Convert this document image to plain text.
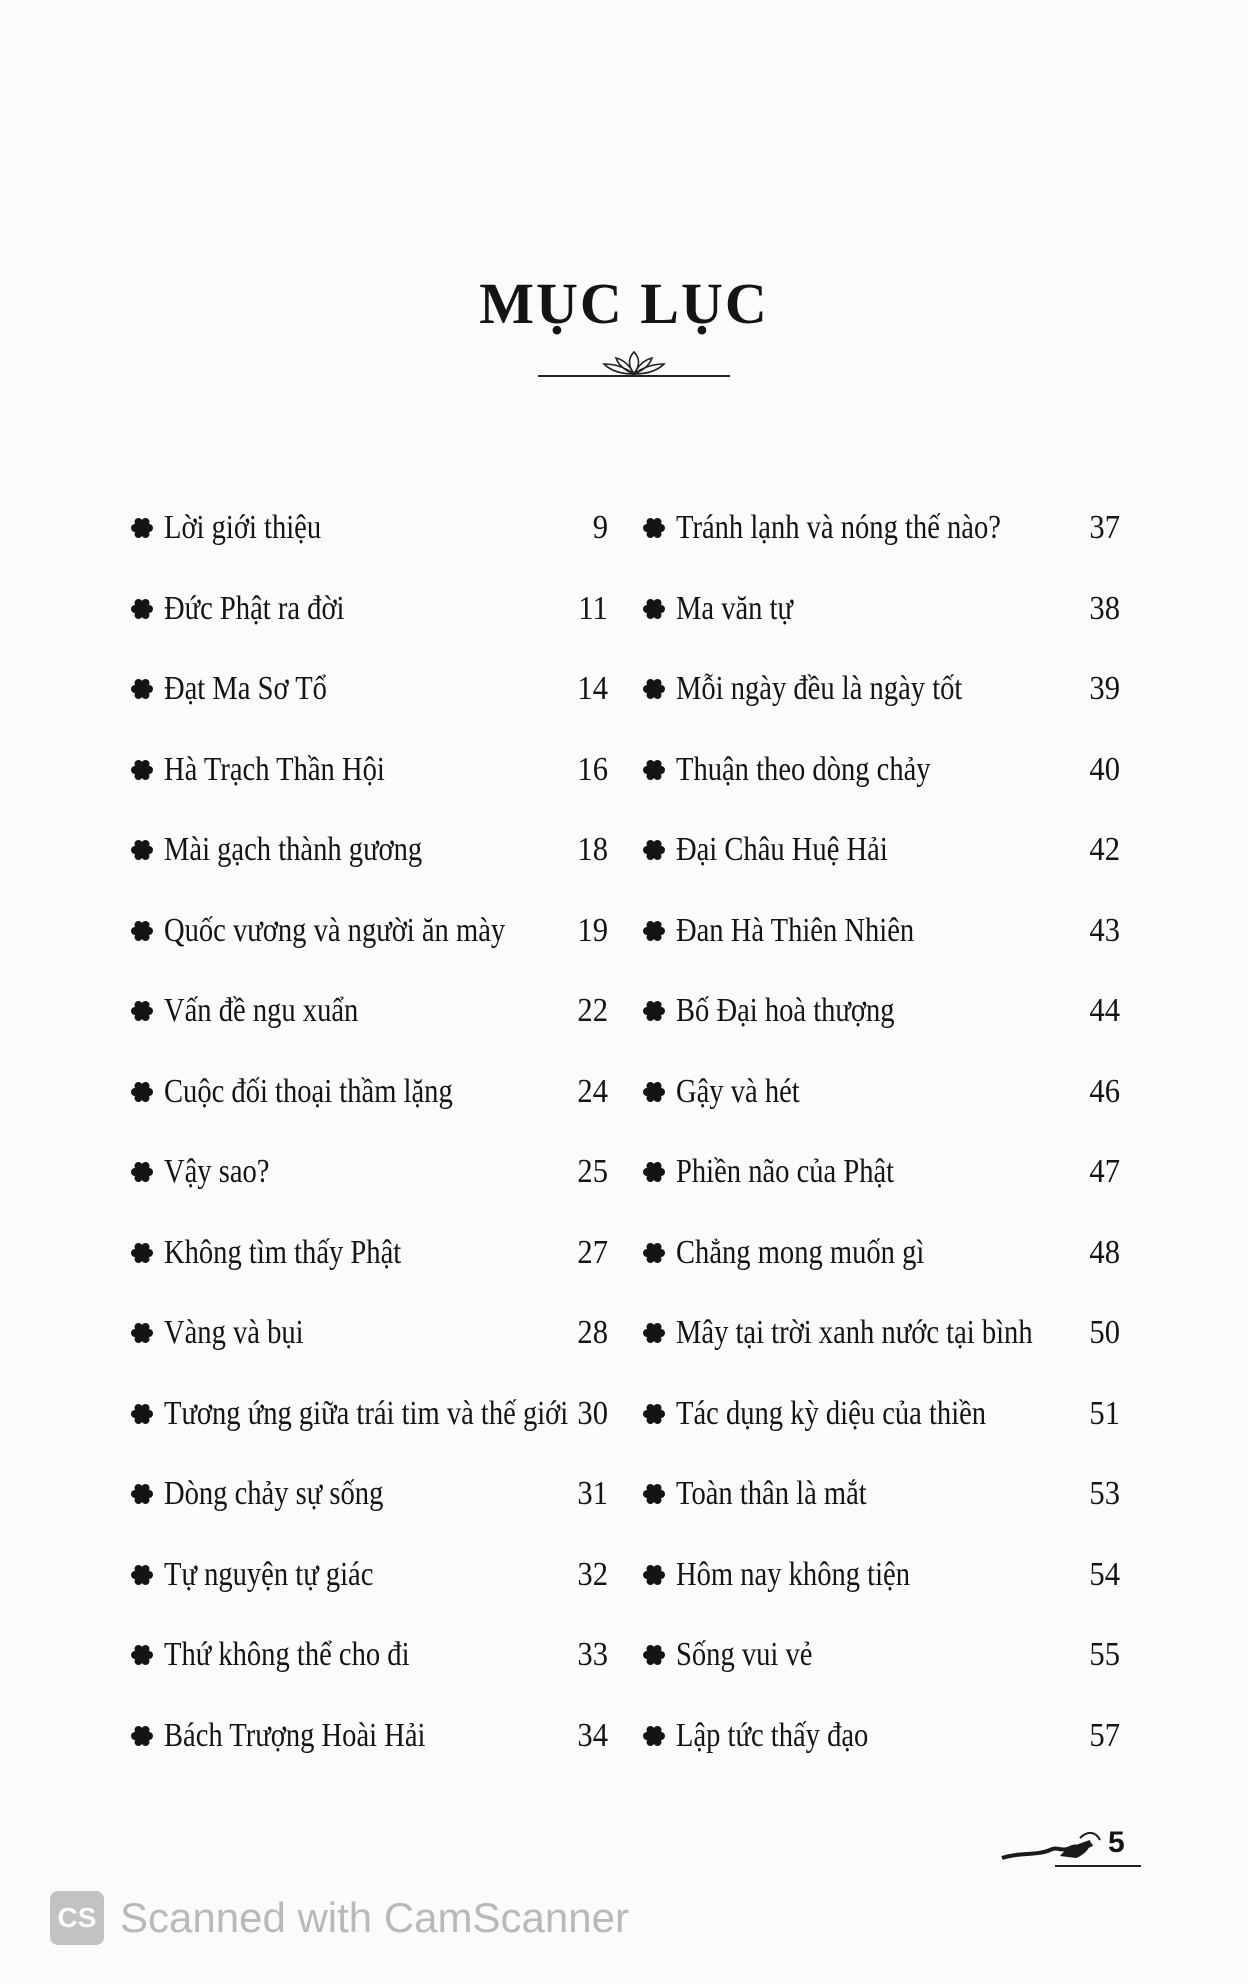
MỤC LỤC
Lời giới thiệu	9
Đức Phật ra đời	11
Đạt Ma Sơ Tổ	14
Hà Trạch Thần Hội	16
Mài gạch thành gương	18
Quốc vương và người ăn mày 19
Vấn đề ngu xuẩn	22
Cuộc đối thoại thầm lặng	24
Vậy sao?	25
Không tìm thấy Phật	27
Vàng và bụi	28
Tương ứng giữa trái tim và thế giới 30
Dòng chảy sự sống	31
Tự nguyện tự giác	32
Thứ không thể cho đi	33
Bách Trượng Hoài Hải	34
Tránh lạnh và nóng thế nào?	37
Ma văn tự	38
Mỗi ngày đều là ngày tốt	39
Thuận theo dòng chảy	40
Đại Châu Huệ Hải	42
Đan Hà Thiên Nhiên	43
Bố Đại hoà thượng	44
Gậy và hét	46
Phiền não của Phật	47
Chẳng mong muốn gì	48
Mây tại trời xanh nước tại bình 50
Tác dụng kỳ diệu của thiền	51
Toàn thân là mắt	53
Hôm nay không tiện	54
Sống vui vẻ	55
Lập tức thấy đạo	57
5
CS Scanned with CamScanner
